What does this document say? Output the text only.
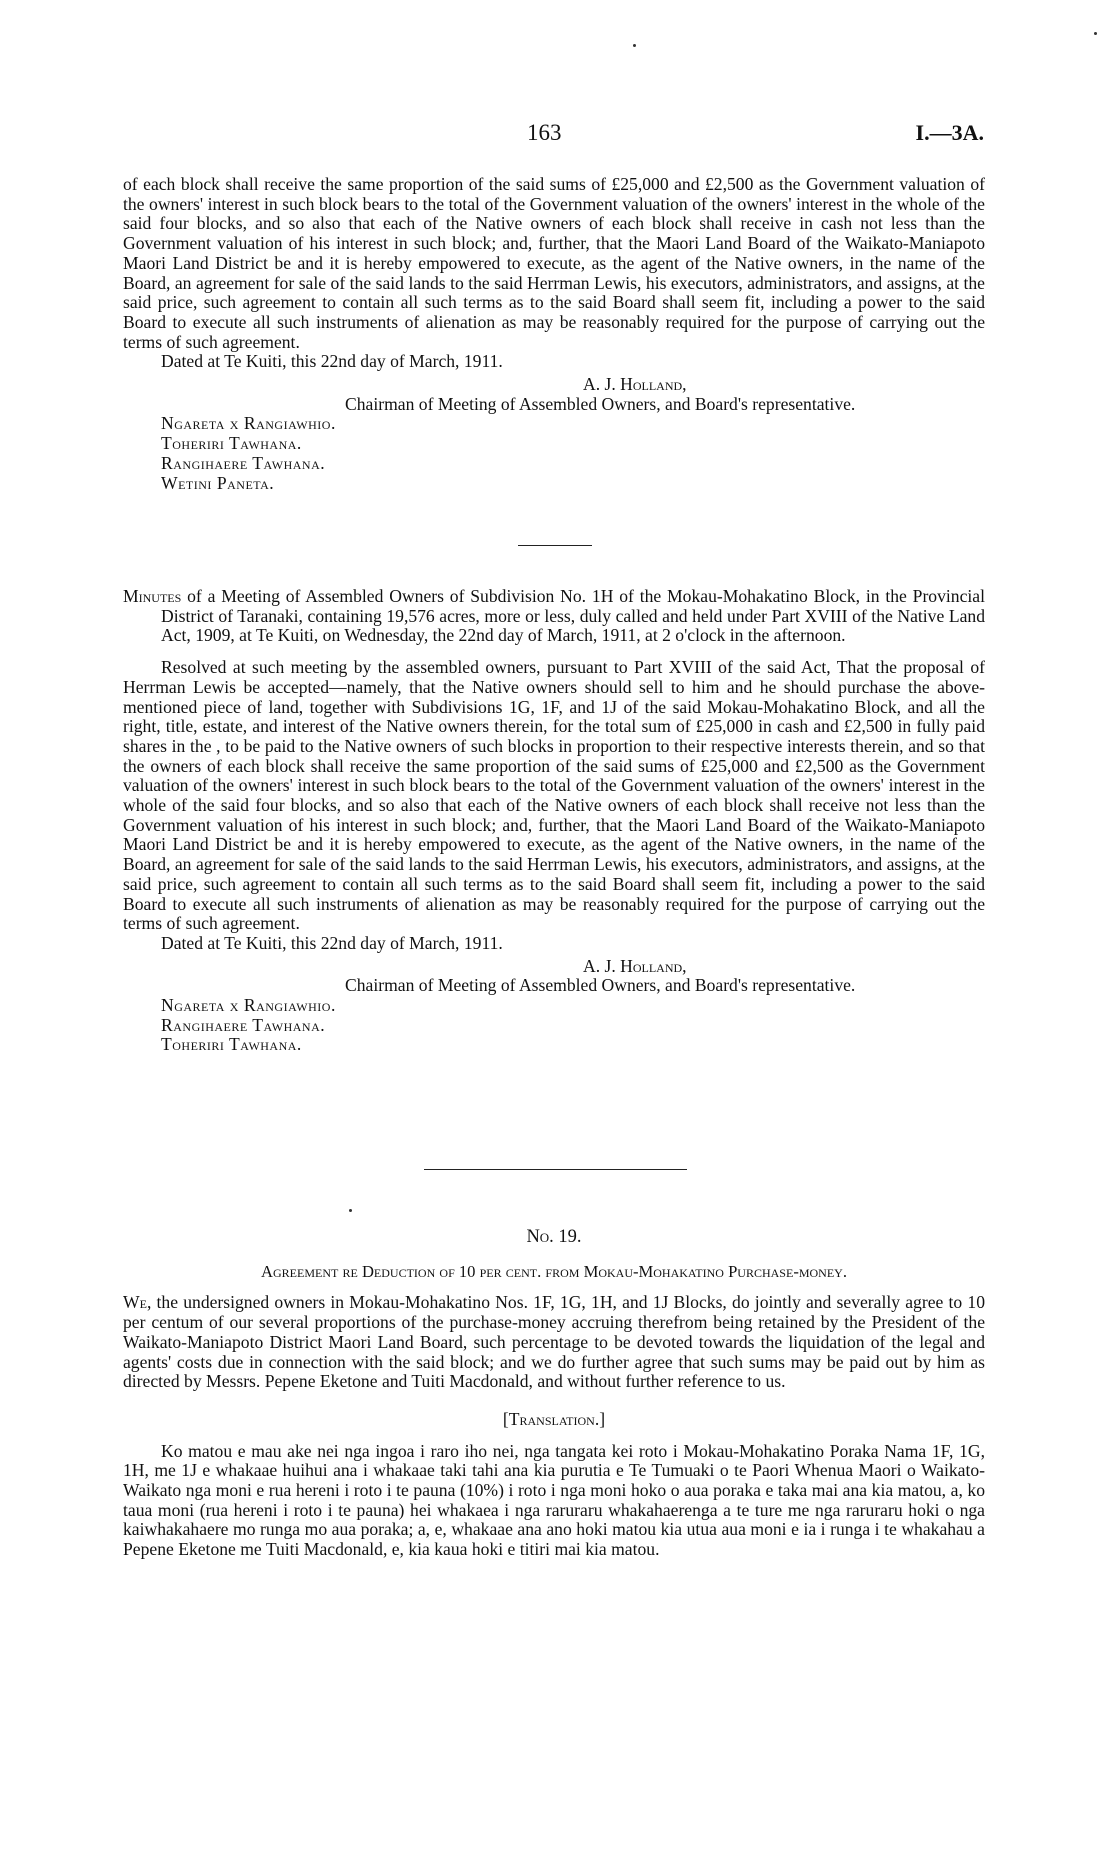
163	I.—3A.

of each block shall receive the same proportion of the said sums of £25,000 and £2,500 as the Government valuation of the owners' interest in such block bears to the total of the Government valuation of the owners' interest in the whole of the said four blocks, and so also that each of the Native owners of each block shall receive in cash not less than the Government valuation of his interest in such block; and, further, that the Maori Land Board of the Waikato-Maniapoto Maori Land District be and it is hereby empowered to execute, as the agent of the Native owners, in the name of the Board, an agreement for sale of the said lands to the said Herrman Lewis, his executors, administrators, and assigns, at the said price, such agreement to contain all such terms as to the said Board shall seem fit, including a power to the said Board to execute all such instruments of alienation as may be reasonably required for the purpose of carrying out the terms of such agreement.

Dated at Te Kuiti, this 22nd day of March, 1911.

A. J. Holland,
Chairman of Meeting of Assembled Owners, and Board's representative.
Ngareta x Rangiawhio.
Toheriri Tawhana.
Rangihaere Tawhana.
Wetini Paneta.

Minutes of a Meeting of Assembled Owners of Subdivision No. 1H of the Mokau-Mohakatino Block, in the Provincial District of Taranaki, containing 19,576 acres, more or less, duly called and held under Part XVIII of the Native Land Act, 1909, at Te Kuiti, on Wednesday, the 22nd day of March, 1911, at 2 o'clock in the afternoon.

Resolved at such meeting by the assembled owners, pursuant to Part XVIII of the said Act, That the proposal of Herrman Lewis be accepted—namely, that the Native owners should sell to him and he should purchase the above-mentioned piece of land, together with Subdivisions 1G, 1F, and 1J of the said Mokau-Mohakatino Block, and all the right, title, estate, and interest of the Native owners therein, for the total sum of £25,000 in cash and £2,500 in fully paid shares in the , to be paid to the Native owners of such blocks in proportion to their respective interests therein, and so that the owners of each block shall receive the same proportion of the said sums of £25,000 and £2,500 as the Government valuation of the owners' interest in such block bears to the total of the Government valuation of the owners' interest in the whole of the said four blocks, and so also that each of the Native owners of each block shall receive not less than the Government valuation of his interest in such block; and, further, that the Maori Land Board of the Waikato-Maniapoto Maori Land District be and it is hereby empowered to execute, as the agent of the Native owners, in the name of the Board, an agreement for sale of the said lands to the said Herrman Lewis, his executors, administrators, and assigns, at the said price, such agreement to contain all such terms as to the said Board shall seem fit, including a power to the said Board to execute all such instruments of alienation as may be reasonably required for the purpose of carrying out the terms of such agreement.

Dated at Te Kuiti, this 22nd day of March, 1911.

A. J. Holland,
Chairman of Meeting of Assembled Owners, and Board's representative.
Ngareta x Rangiawhio.
Rangihaere Tawhana.
Toheriri Tawhana.
No. 19.
Agreement re Deduction of 10 per cent. from Mokau-Mohakatino Purchase-money.

We, the undersigned owners in Mokau-Mohakatino Nos. 1F, 1G, 1H, and 1J Blocks, do jointly and severally agree to 10 per centum of our several proportions of the purchase-money accruing therefrom being retained by the President of the Waikato-Maniapoto District Maori Land Board, such percentage to be devoted towards the liquidation of the legal and agents' costs due in connection with the said block; and we do further agree that such sums may be paid out by him as directed by Messrs. Pepene Eketone and Tuiti Macdonald, and without further reference to us.

[Translation.]

Ko matou e mau ake nei nga ingoa i raro iho nei, nga tangata kei roto i Mokau-Mohakatino Poraka Nama 1F, 1G, 1H, me 1J e whakaae huihui ana i whakaae taki tahi ana kia purutia e Te Tumuaki o te Paori Whenua Maori o Waikato-Waikato nga moni e rua hereni i roto i te pauna (10%) i roto i nga moni hoko o aua poraka e taka mai ana kia matou, a, ko taua moni (rua hereni i roto i te pauna) hei whakaea i nga raruraru whakahaerenga a te ture me nga raruraru hoki o nga kaiwhakahaere mo runga mo aua poraka; a, e, whakaae ana ano hoki matou kia utua aua moni e ia i runga i te whakahau a Pepene Eketone me Tuiti Macdonald, e, kia kaua hoki e titiri mai kia matou.
